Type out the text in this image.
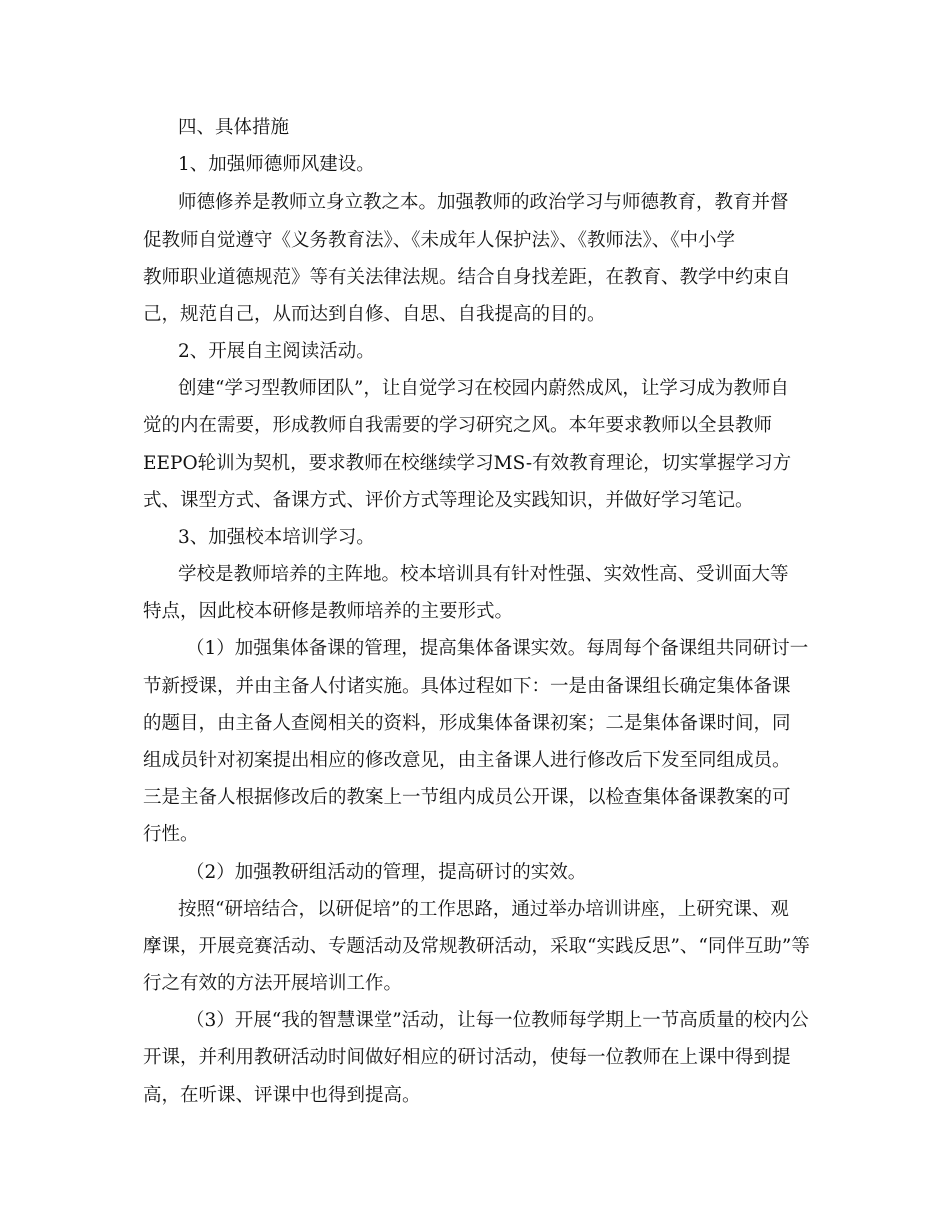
四、具体措施
1、加强师德师风建设。
师德修养是教师立身立教之本。加强教师的政治学习与师德教育，教育并督
促教师自觉遵守《义务教育法》、《未成年人保护法》、《教师法》、《中小学
教师职业道德规范》等有关法律法规。结合自身找差距，在教育、教学中约束自
己，规范自己，从而达到自修、自思、自我提高的目的。
2、开展自主阅读活动。
创建“学习型教师团队”，让自觉学习在校园内蔚然成风，让学习成为教师自
觉的内在需要，形成教师自我需要的学习研究之风。本年要求教师以全县教师
EEPO轮训为契机，要求教师在校继续学习MS-有效教育理论，切实掌握学习方
式、课型方式、备课方式、评价方式等理论及实践知识，并做好学习笔记。
3、加强校本培训学习。
学校是教师培养的主阵地。校本培训具有针对性强、实效性高、受训面大等
特点，因此校本研修是教师培养的主要形式。
（1）加强集体备课的管理，提高集体备课实效。每周每个备课组共同研讨一
节新授课，并由主备人付诸实施。具体过程如下：一是由备课组长确定集体备课
的题目，由主备人查阅相关的资料，形成集体备课初案；二是集体备课时间，同
组成员针对初案提出相应的修改意见，由主备课人进行修改后下发至同组成员。
三是主备人根据修改后的教案上一节组内成员公开课，以检查集体备课教案的可
行性。
（2）加强教研组活动的管理，提高研讨的实效。
按照“研培结合，以研促培”的工作思路，通过举办培训讲座，上研究课、观
摩课，开展竞赛活动、专题活动及常规教研活动，采取“实践反思”、“同伴互助”等
行之有效的方法开展培训工作。
（3）开展“我的智慧课堂”活动，让每一位教师每学期上一节高质量的校内公
开课，并利用教研活动时间做好相应的研讨活动，使每一位教师在上课中得到提
高，在听课、评课中也得到提高。
